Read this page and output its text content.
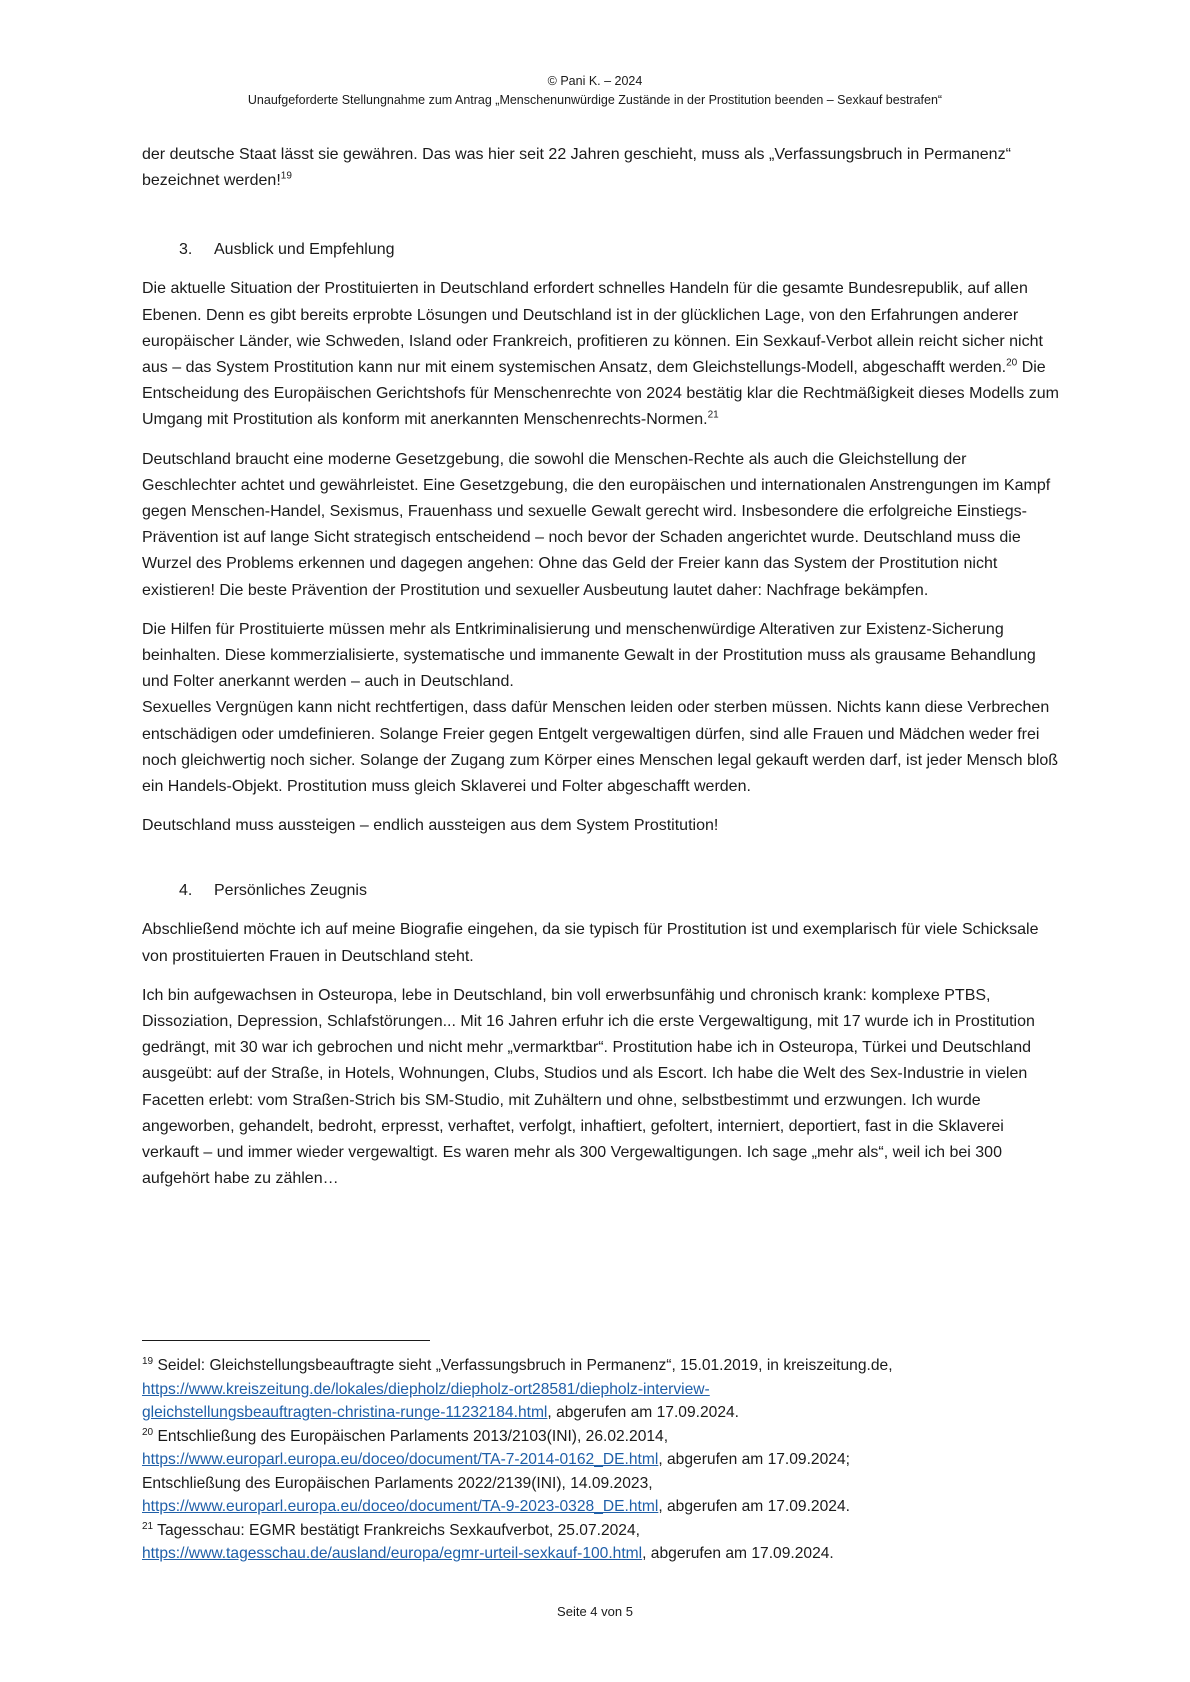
© Pani K. – 2024
Unaufgeforderte Stellungnahme zum Antrag „Menschenunwürdige Zustände in der Prostitution beenden – Sexkauf bestrafen“

der deutsche Staat lässt sie gewähren. Das was hier seit 22 Jahren geschieht, muss als „Verfassungsbruch in Permanenz“ bezeichnet werden!$^{19}$

3. Ausblick und Empfehlung

Die aktuelle Situation der Prostituierten in Deutschland erfordert schnelles Handeln für die gesamte Bundesrepublik, auf allen Ebenen. Denn es gibt bereits erprobte Lösungen und Deutschland ist in der glücklichen Lage, von den Erfahrungen anderer europäischer Länder, wie Schweden, Island oder Frankreich, profitieren zu können. Ein Sexkauf-Verbot allein reicht sicher nicht aus – das System Prostitution kann nur mit einem systemischen Ansatz, dem Gleichstellungs-Modell, abgeschafft werden.$^{20}$ Die Entscheidung des Europäischen Gerichtshofs für Menschenrechte von 2024 bestätig klar die Rechtmäßigkeit dieses Modells zum Umgang mit Prostitution als konform mit anerkannten Menschenrechts-Normen.$^{21}$

Deutschland braucht eine moderne Gesetzgebung, die sowohl die Menschen-Rechte als auch die Gleichstellung der Geschlechter achtet und gewährleistet. Eine Gesetzgebung, die den europäischen und internationalen Anstrengungen im Kampf gegen Menschen-Handel, Sexismus, Frauenhass und sexuelle Gewalt gerecht wird. Insbesondere die erfolgreiche Einstiegs-Prävention ist auf lange Sicht strategisch entscheidend – noch bevor der Schaden angerichtet wurde. Deutschland muss die Wurzel des Problems erkennen und dagegen angehen: Ohne das Geld der Freier kann das System der Prostitution nicht existieren! Die beste Prävention der Prostitution und sexueller Ausbeutung lautet daher: Nachfrage bekämpfen.

Die Hilfen für Prostituierte müssen mehr als Entkriminalisierung und menschenwürdige Alterativen zur Existenz-Sicherung beinhalten. Diese kommerzialisierte, systematische und immanente Gewalt in der Prostitution muss als grausame Behandlung und Folter anerkannt werden – auch in Deutschland.

Sexuelles Vergnügen kann nicht rechtfertigen, dass dafür Menschen leiden oder sterben müssen. Nichts kann diese Verbrechen entschädigen oder umdefinieren. Solange Freier gegen Entgelt vergewaltigen dürfen, sind alle Frauen und Mädchen weder frei noch gleichwertig noch sicher. Solange der Zugang zum Körper eines Menschen legal gekauft werden darf, ist jeder Mensch bloß ein Handels-Objekt. Prostitution muss gleich Sklaverei und Folter abgeschafft werden.

Deutschland muss aussteigen – endlich aussteigen aus dem System Prostitution!

4. Persönliches Zeugnis

Abschließend möchte ich auf meine Biografie eingehen, da sie typisch für Prostitution ist und exemplarisch für viele Schicksale von prostituierten Frauen in Deutschland steht.

Ich bin aufgewachsen in Osteuropa, lebe in Deutschland, bin voll erwerbsunfähig und chronisch krank: komplexe PTBS, Dissoziation, Depression, Schlafstörungen... Mit 16 Jahren erfuhr ich die erste Vergewaltigung, mit 17 wurde ich in Prostitution gedrängt, mit 30 war ich gebrochen und nicht mehr „vermarktbar“. Prostitution habe ich in Osteuropa, Türkei und Deutschland ausgeübt: auf der Straße, in Hotels, Wohnungen, Clubs, Studios und als Escort. Ich habe die Welt des Sex-Industrie in vielen Facetten erlebt: vom Straßen-Strich bis SM-Studio, mit Zuhältern und ohne, selbstbestimmt und erzwungen. Ich wurde angeworben, gehandelt, bedroht, erpresst, verhaftet, verfolgt, inhaftiert, gefoltert, interniert, deportiert, fast in die Sklaverei verkauft – und immer wieder vergewaltigt. Es waren mehr als 300 Vergewaltigungen. Ich sage „mehr als“, weil ich bei 300 aufgehört habe zu zählen…

$^{19}$ Seidel: Gleichstellungsbeauftragte sieht „Verfassungsbruch in Permanenz“, 15.01.2019, in kreiszeitung.de,
https://www.kreiszeitung.de/lokales/diepholz/diepholz-ort28581/diepholz-interview-
gleichstellungsbeauftragten-christina-runge-11232184.html, abgerufen am 17.09.2024.

$^{20}$ Entschließung des Europäischen Parlaments 2013/2103(INI), 26.02.2014,
https://www.europarl.europa.eu/doceo/document/TA-7-2014-0162_DE.html, abgerufen am 17.09.2024;
Entschließung des Europäischen Parlaments 2022/2139(INI), 14.09.2023,
https://www.europarl.europa.eu/doceo/document/TA-9-2023-0328_DE.html, abgerufen am 17.09.2024.

$^{21}$ Tagesschau: EGMR bestätigt Frankreichs Sexkaufverbot, 25.07.2024,
https://www.tagesschau.de/ausland/europa/egmr-urteil-sexkauf-100.html, abgerufen am 17.09.2024.

Seite 4 von 5
